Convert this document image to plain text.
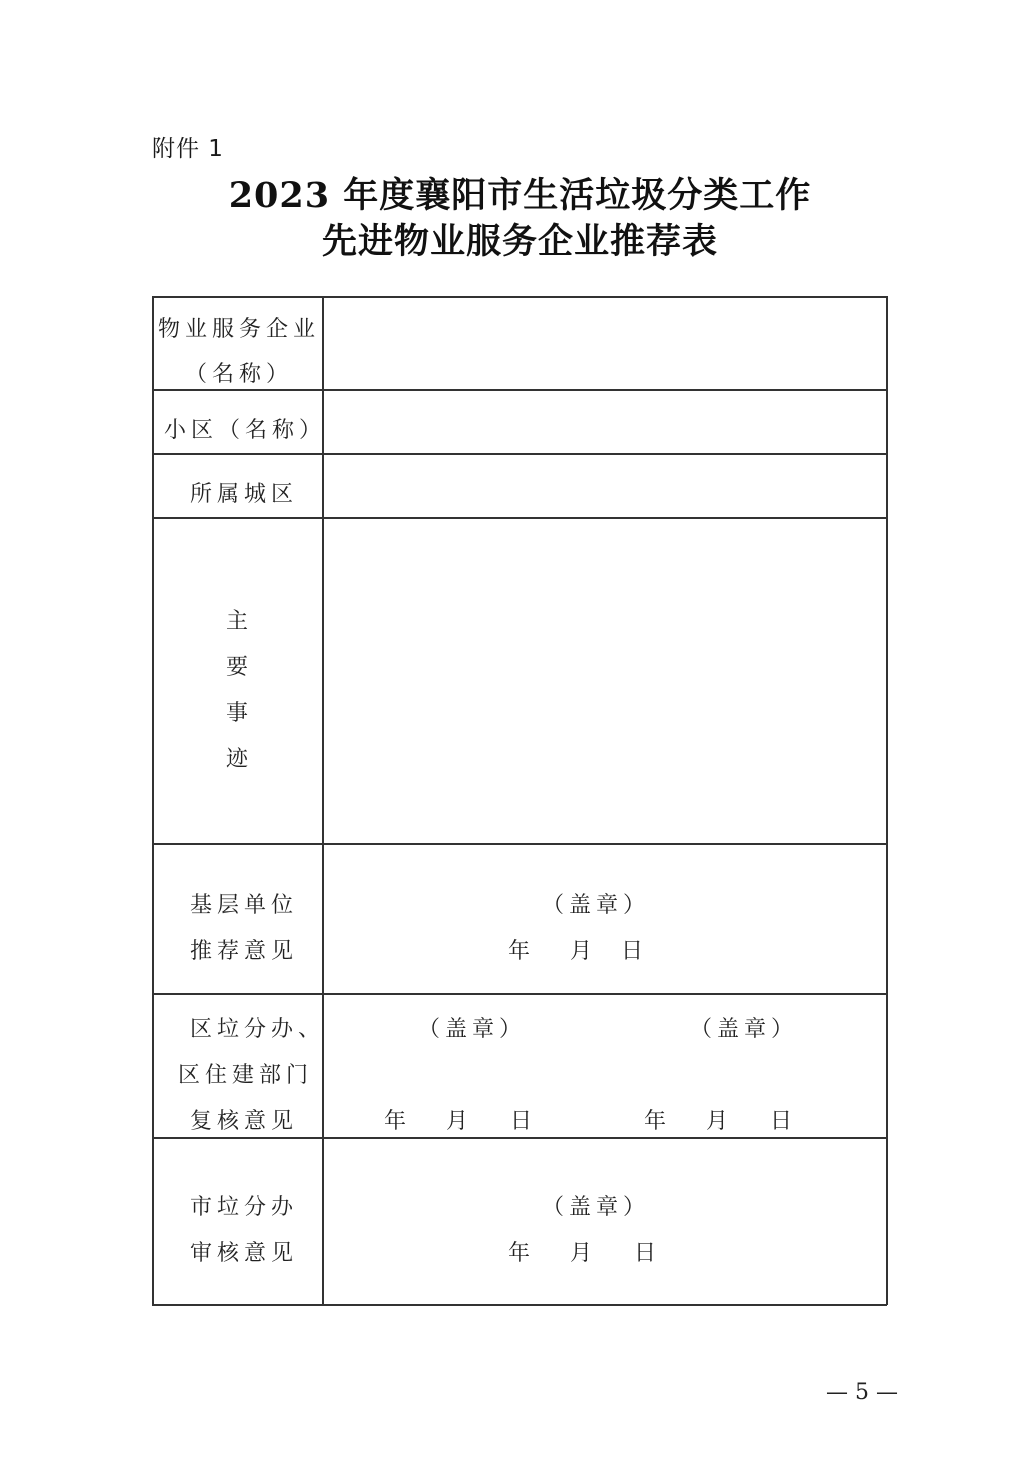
附件 1
2023 年度襄阳市生活垃圾分类工作
先进物业服务企业推荐表
物业服务企业
（名称）
小区（名称）
所属城区
主
要
事
迹
基层单位
推荐意见
（盖章）
年 月 日
区垃分办、
区住建部门
复核意见
（盖章）	（盖章）
年 月 日	年 月 日
市垃分办
审核意见
（盖章）
年 月 日
— 5 —
